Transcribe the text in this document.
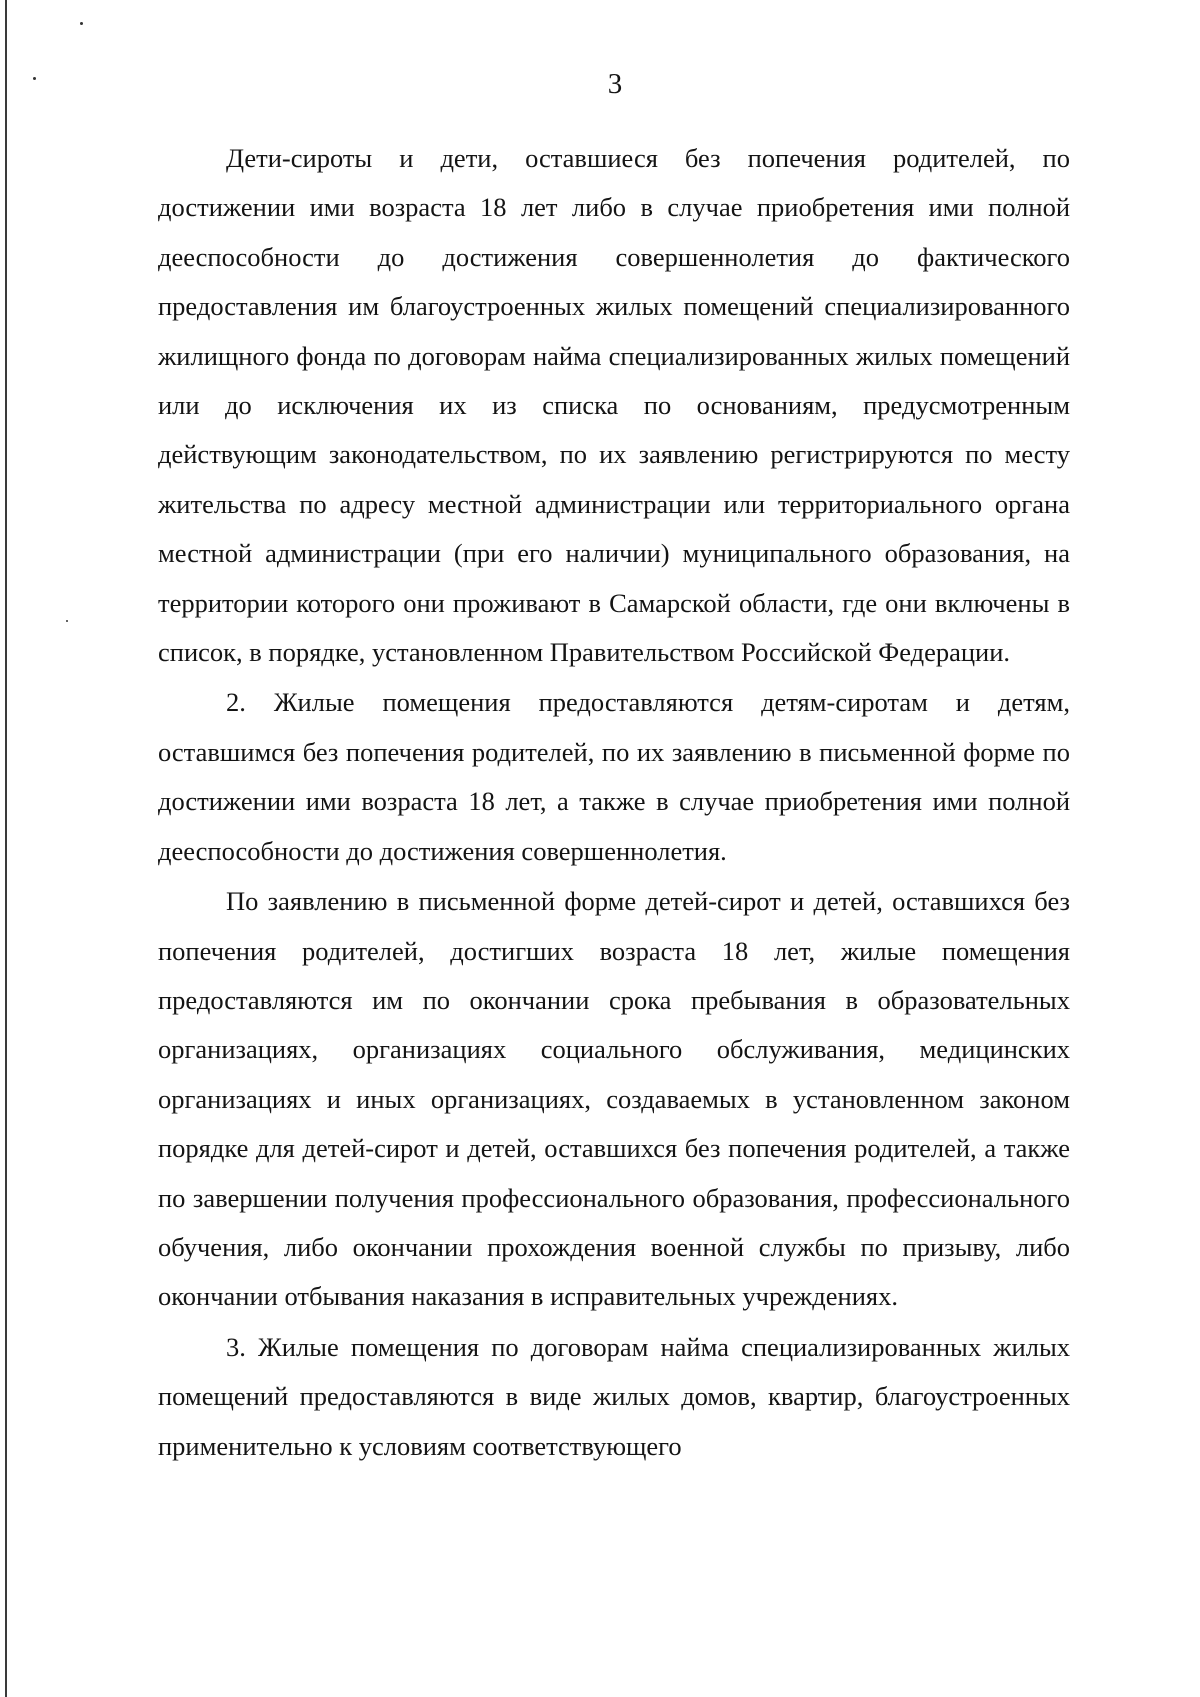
3

Дети-сироты и дети, оставшиеся без попечения родителей, по достижении ими возраста 18 лет либо в случае приобретения ими полной дееспособности до достижения совершеннолетия до фактического предоставления им благоустроенных жилых помещений специализированного жилищного фонда по договорам найма специализированных жилых помещений или до исключения их из списка по основаниям, предусмотренным действующим законодательством, по их заявлению регистрируются по месту жительства по адресу местной администрации или территориального органа местной администрации (при его наличии) муниципального образования, на территории которого они проживают в Самарской области, где они включены в список, в порядке, установленном Правительством Российской Федерации.

2. Жилые помещения предоставляются детям-сиротам и детям, оставшимся без попечения родителей, по их заявлению в письменной форме по достижении ими возраста 18 лет, а также в случае приобретения ими полной дееспособности до достижения совершеннолетия.

По заявлению в письменной форме детей-сирот и детей, оставшихся без попечения родителей, достигших возраста 18 лет, жилые помещения предоставляются им по окончании срока пребывания в образовательных организациях, организациях социального обслуживания, медицинских организациях и иных организациях, создаваемых в установленном законом порядке для детей-сирот и детей, оставшихся без попечения родителей, а также по завершении получения профессионального образования, профессионального обучения, либо окончании прохождения военной службы по призыву, либо окончании отбывания наказания в исправительных учреждениях.

3. Жилые помещения по договорам найма специализированных жилых помещений предоставляются в виде жилых домов, квартир, благоустроенных применительно к условиям соответствующего
